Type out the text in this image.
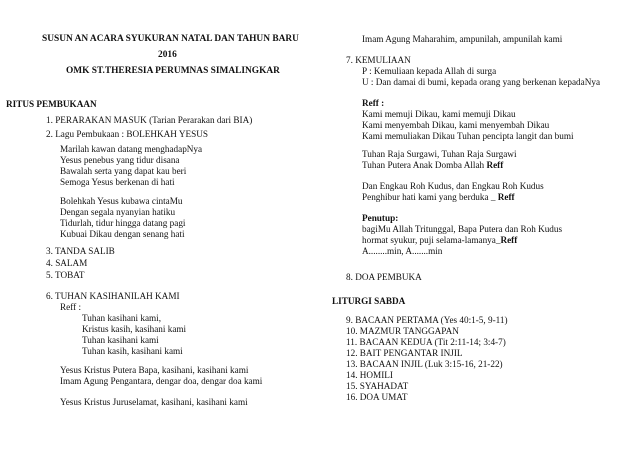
SUSUN AN ACARA SYUKURAN NATAL DAN TAHUN BARU
2016
OMK ST.THERESIA PERUMNAS SIMALINGKAR
RITUS PEMBUKAAN
1. PERARAKAN MASUK (Tarian Perarakan dari BIA)
2. Lagu Pembukaan : BOLEHKAH YESUS
Marilah kawan datang menghadapNya
Yesus penebus yang tidur disana
Bawalah serta yang dapat kau beri
Semoga Yesus berkenan di hati
Bolehkah Yesus kubawa cintaMu
Dengan segala nyanyian hatiku
Tidurlah, tidur hingga datang pagi
Kubuai Dikau dengan senang hati
3. TANDA SALIB
4. SALAM
5. TOBAT
6. TUHAN KASIHANILAH KAMI
Reff :
Tuhan kasihani kami,
Kristus kasih, kasihani kami
Tuhan kasihani kami
Tuhan kasih, kasihani kami
Yesus Kristus Putera Bapa, kasihani, kasihani kami
Imam Agung Pengantara, dengar doa, dengar doa kami
Yesus Kristus Juruselamat, kasihani, kasihani kami
Imam Agung Maharahim, ampunilah, ampunilah kami
7. KEMULIAAN
P : Kemuliaan kepada Allah di surga
U : Dan damai di bumi, kepada orang yang berkenan kepadaNya
Reff :
Kami memuji Dikau, kami memuji Dikau
Kami menyembah Dikau, kami menyembah Dikau
Kami memuliakan Dikau Tuhan pencipta langit dan bumi
Tuhan Raja Surgawi, Tuhan Raja Surgawi
Tuhan Putera Anak Domba Allah Reff
Dan Engkau Roh Kudus, dan Engkau Roh Kudus
Penghibur hati kami yang berduka _ Reff
Penutup:
bagiMu Allah Tritunggal, Bapa Putera dan Roh Kudus
hormat syukur, puji selama-lamanya_Reff
A........min, A.......min
8. DOA PEMBUKA
LITURGI SABDA
9. BACAAN PERTAMA (Yes 40:1-5, 9-11)
10. MAZMUR TANGGAPAN
11. BACAAN KEDUA (Tit 2:11-14; 3:4-7)
12. BAIT PENGANTAR INJIL
13. BACAAN INJIL (Luk 3:15-16, 21-22)
14. HOMILI
15. SYAHADAT
16. DOA UMAT
